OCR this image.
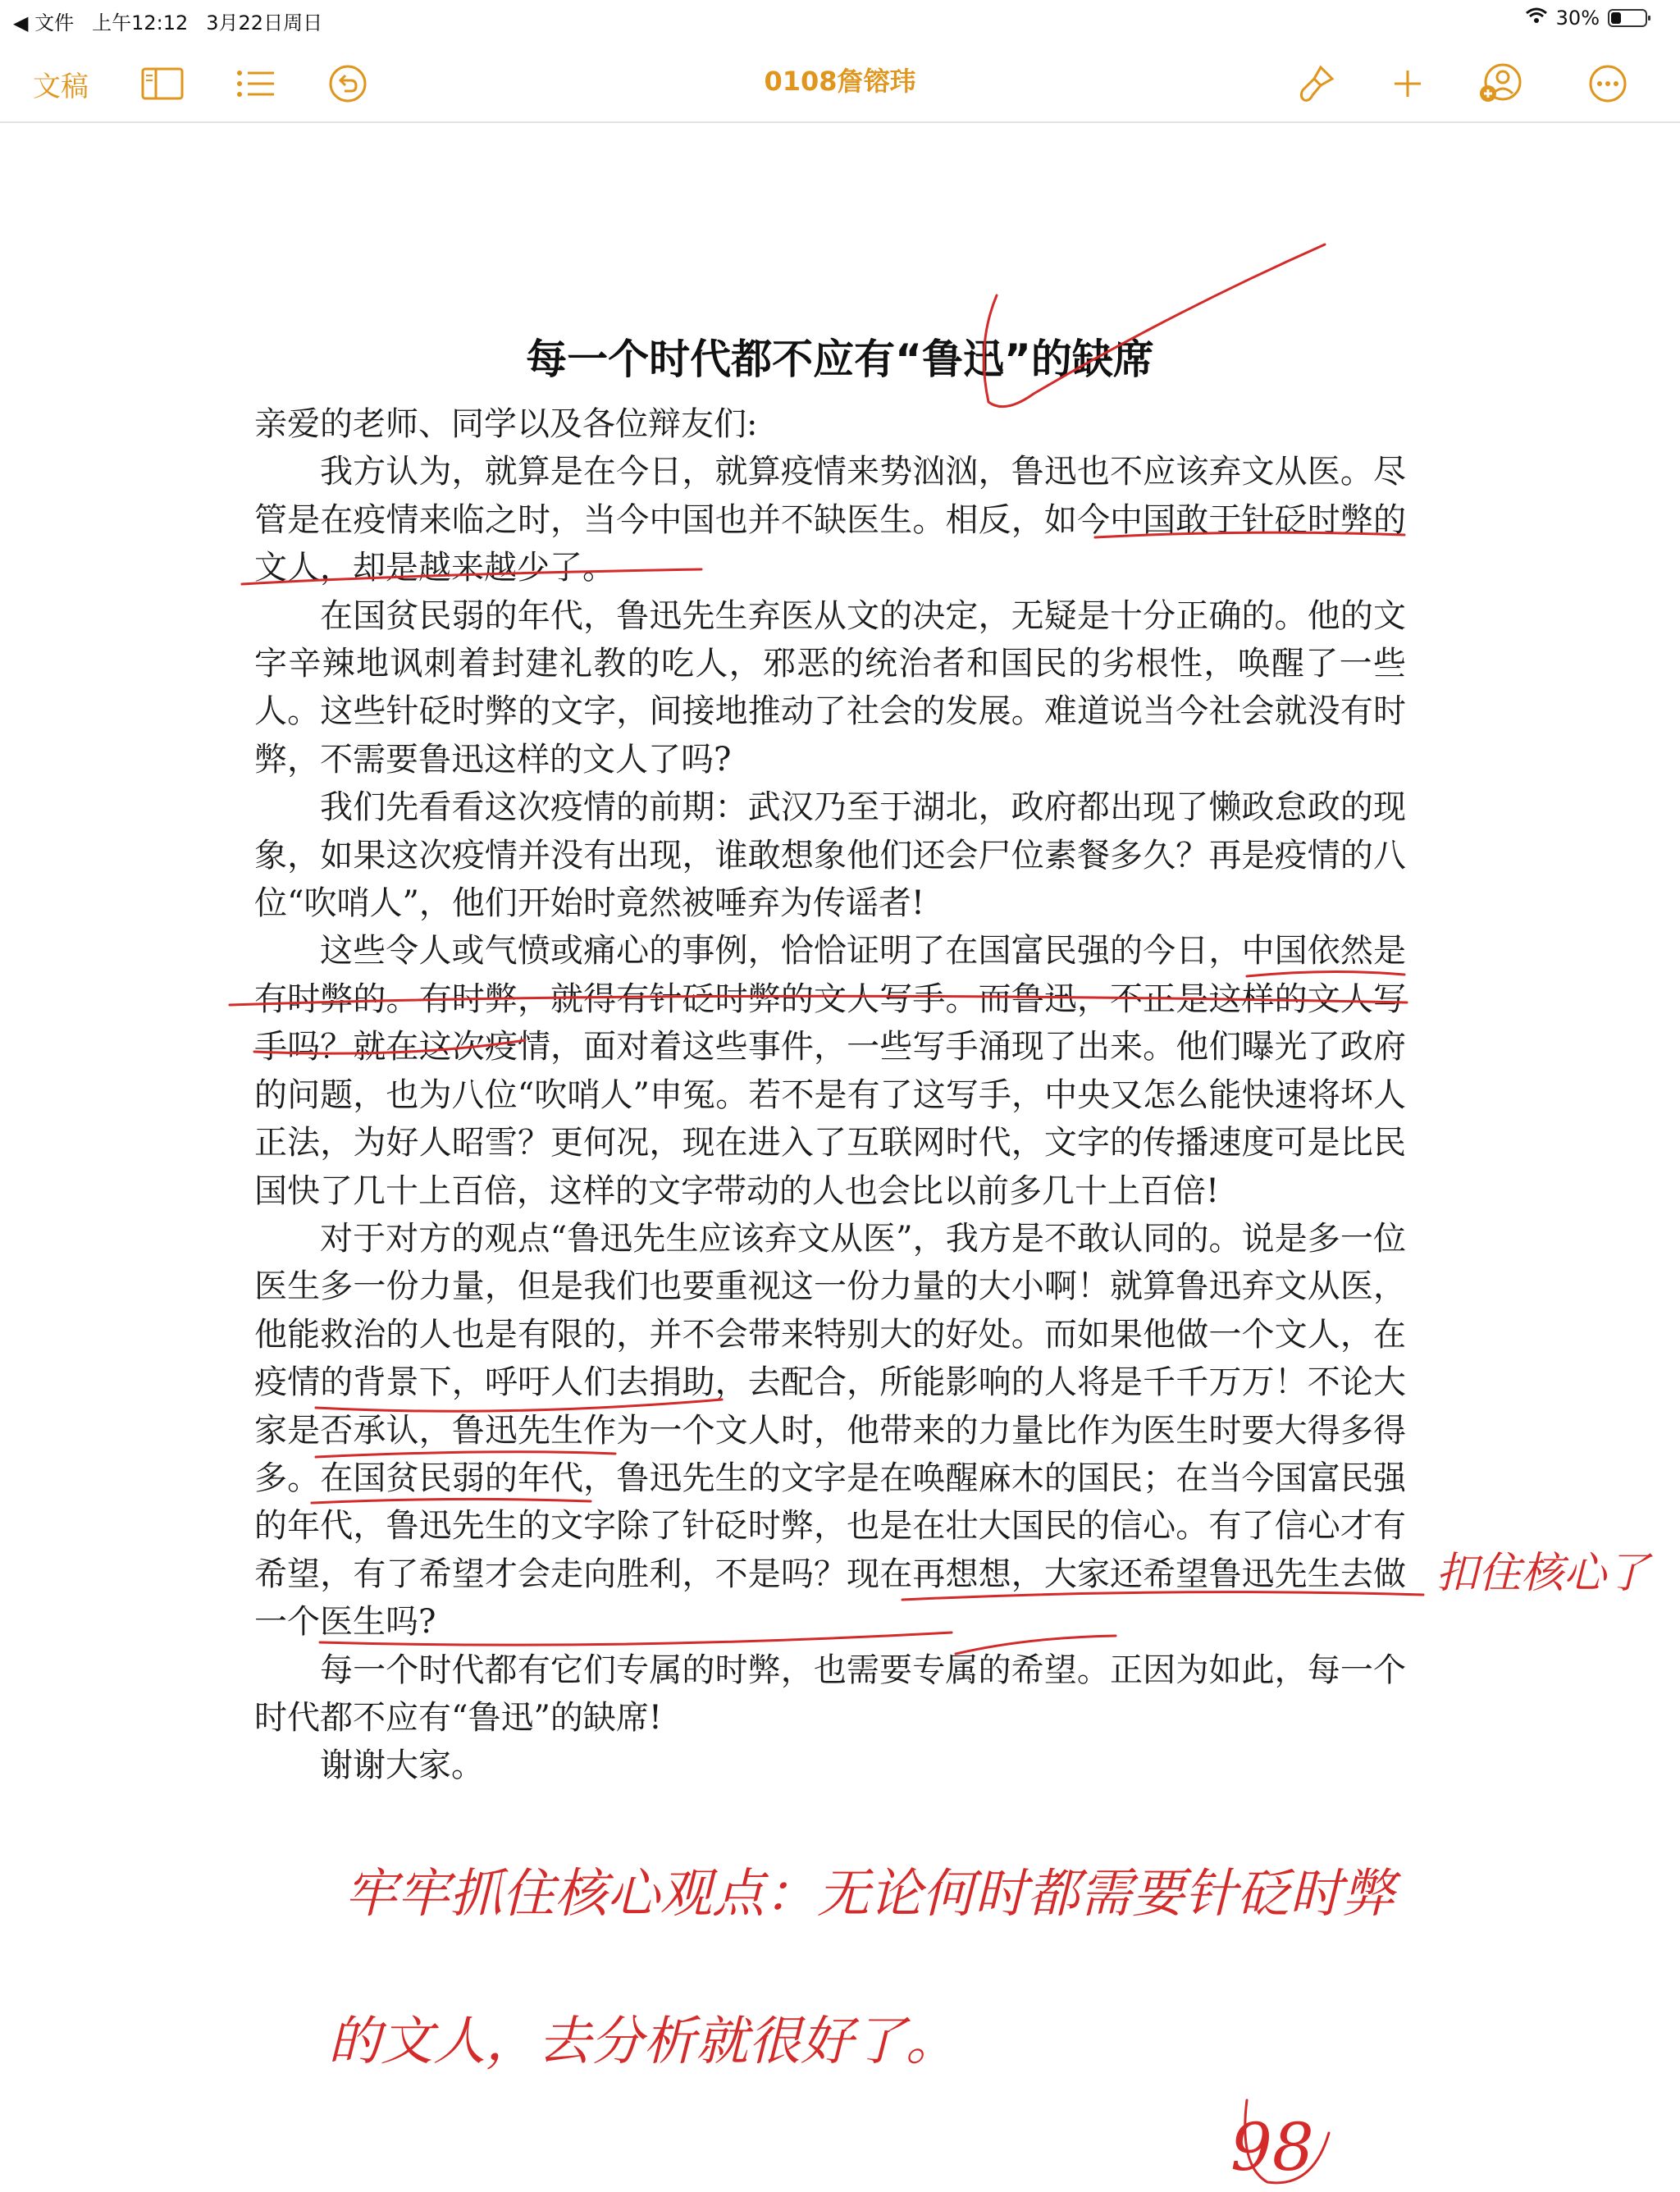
◀ 文件 上午12:12 3月22日周日	30%
文稿	0108詹镕玮
每一个时代都不应有“鲁迅”的缺席

亲爱的老师、同学以及各位辩友们:

我方认为，就算是在今日，就算疫情来势汹汹，鲁迅也不应该弃文从医。尽管是在疫情来临之时，当今中国也并不缺医生。相反，如今中国敢于针砭时弊的文人，却是越来越少了。

在国贫民弱的年代，鲁迅先生弃医从文的决定，无疑是十分正确的。他的文字辛辣地讽刺着封建礼教的吃人，邪恶的统治者和国民的劣根性，唤醒了一些人。这些针砭时弊的文字，间接地推动了社会的发展。难道说当今社会就没有时弊，不需要鲁迅这样的文人了吗?

我们先看看这次疫情的前期：武汉乃至于湖北，政府都出现了懒政怠政的现象，如果这次疫情并没有出现，谁敢想象他们还会尸位素餐多久？再是疫情的八位“吹哨人”，他们开始时竟然被唾弃为传谣者!

这些令人或气愤或痛心的事例，恰恰证明了在国富民强的今日，中国依然是有时弊的。有时弊，就得有针砭时弊的文人写手。而鲁迅，不正是这样的文人写手吗？就在这次疫情，面对着这些事件，一些写手涌现了出来。他们曝光了政府的问题，也为八位“吹哨人”申冤。若不是有了这写手，中央又怎么能快速将坏人正法，为好人昭雪？更何况，现在进入了互联网时代，文字的传播速度可是比民国快了几十上百倍，这样的文字带动的人也会比以前多几十上百倍!

对于对方的观点“鲁迅先生应该弃文从医”，我方是不敢认同的。说是多一位医生多一份力量，但是我们也要重视这一份力量的大小啊！就算鲁迅弃文从医，他能救治的人也是有限的，并不会带来特别大的好处。而如果他做一个文人，在疫情的背景下，呼吁人们去捐助，去配合，所能影响的人将是千千万万！不论大家是否承认，鲁迅先生作为一个文人时，他带来的力量比作为医生时要大得多得多。在国贫民弱的年代，鲁迅先生的文字是在唤醒麻木的国民；在当今国富民强的年代，鲁迅先生的文字除了针砭时弊，也是在壮大国民的信心。有了信心才有希望，有了希望才会走向胜利，不是吗？现在再想想，大家还希望鲁迅先生去做一个医生吗?

每一个时代都有它们专属的时弊，也需要专属的希望。正因为如此，每一个时代都不应有“鲁迅”的缺席!

谢谢大家。

扣住核心了
牢牢抓住核心观点：无论何时都需要针砭时弊
的文人，去分析就很好了。
98
